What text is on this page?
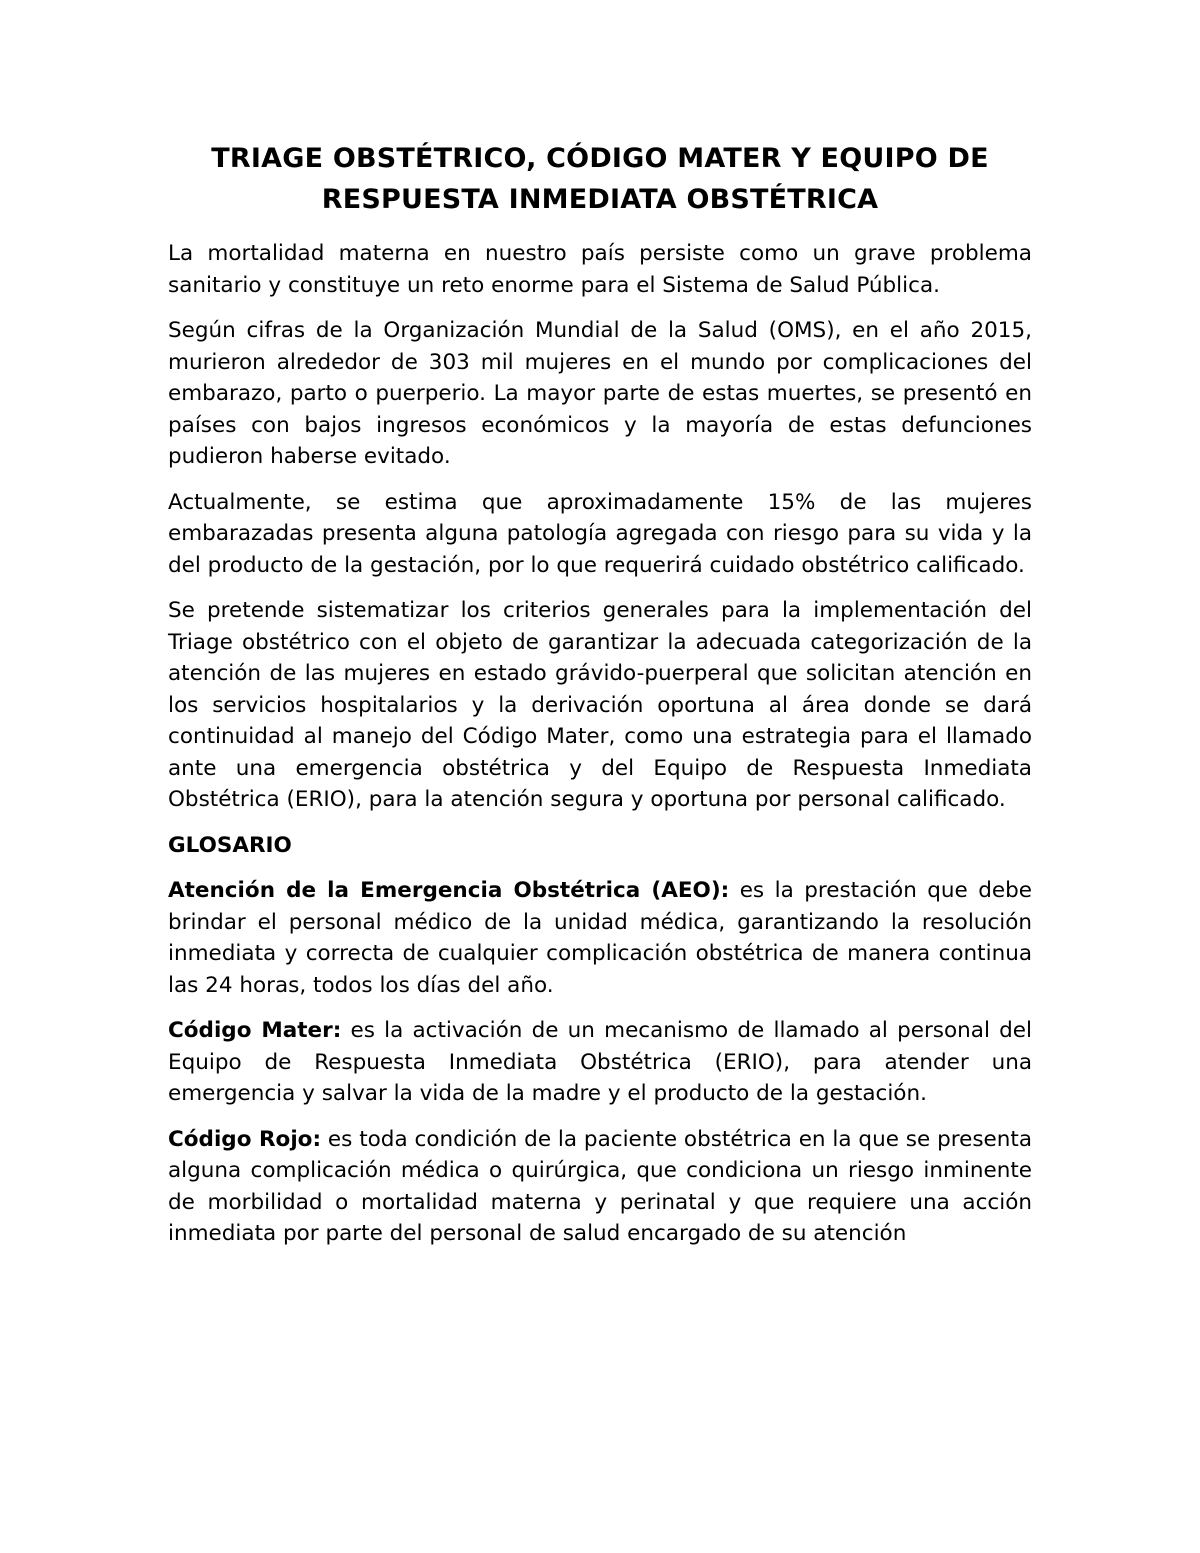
TRIAGE OBSTÉTRICO, CÓDIGO MATER Y EQUIPO DE RESPUESTA INMEDIATA OBSTÉTRICA

La mortalidad materna en nuestro país persiste como un grave problema sanitario y constituye un reto enorme para el Sistema de Salud Pública.

Según cifras de la Organización Mundial de la Salud (OMS), en el año 2015, murieron alrededor de 303 mil mujeres en el mundo por complicaciones del embarazo, parto o puerperio. La mayor parte de estas muertes, se presentó en países con bajos ingresos económicos y la mayoría de estas defunciones pudieron haberse evitado.

Actualmente, se estima que aproximadamente 15% de las mujeres embarazadas presenta alguna patología agregada con riesgo para su vida y la del producto de la gestación, por lo que requerirá cuidado obstétrico calificado.

Se pretende sistematizar los criterios generales para la implementación del Triage obstétrico con el objeto de garantizar la adecuada categorización de la atención de las mujeres en estado grávido-puerperal que solicitan atención en los servicios hospitalarios y la derivación oportuna al área donde se dará continuidad al manejo del Código Mater, como una estrategia para el llamado ante una emergencia obstétrica y del Equipo de Respuesta Inmediata Obstétrica (ERIO), para la atención segura y oportuna por personal calificado.

GLOSARIO

Atención de la Emergencia Obstétrica (AEO): es la prestación que debe brindar el personal médico de la unidad médica, garantizando la resolución inmediata y correcta de cualquier complicación obstétrica de manera continua las 24 horas, todos los días del año.

Código Mater: es la activación de un mecanismo de llamado al personal del Equipo de Respuesta Inmediata Obstétrica (ERIO), para atender una emergencia y salvar la vida de la madre y el producto de la gestación.

Código Rojo: es toda condición de la paciente obstétrica en la que se presenta alguna complicación médica o quirúrgica, que condiciona un riesgo inminente de morbilidad o mortalidad materna y perinatal y que requiere una acción inmediata por parte del personal de salud encargado de su atención
